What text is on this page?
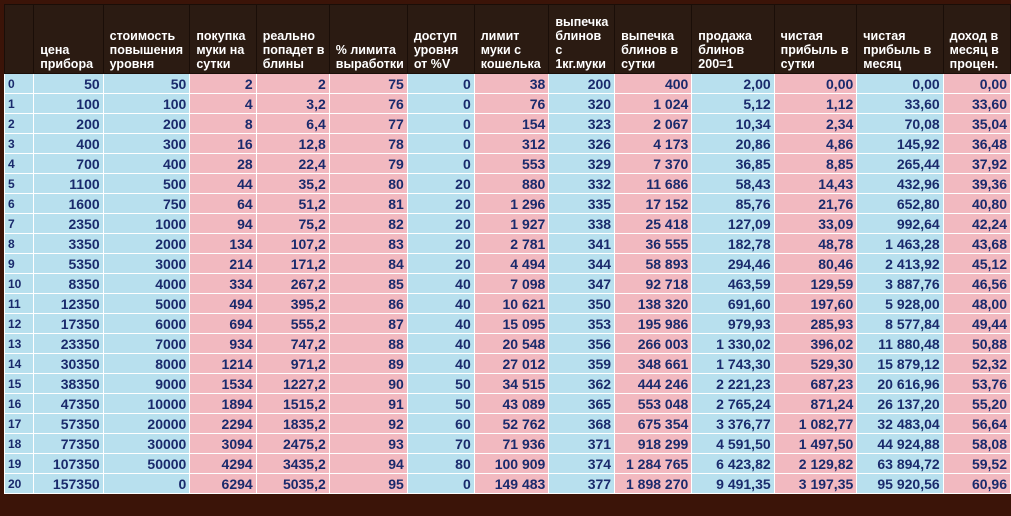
	цена прибора	стоимость повышения уровня	покупка муки на сутки	реально попадет в блины	% лимита выработки	доступ уровня от %V	лимит муки с кошелька	выпечка блинов с 1кг.муки	выпечка блинов в сутки	продажа блинов 200=1	чистая прибыль в сутки	чистая прибыль в месяц	доход в месяц в процен.
0	50	50	2	2	75	0	38	200	400	2,00	0,00	0,00	0,00
1	100	100	4	3,2	76	0	76	320	1 024	5,12	1,12	33,60	33,60
2	200	200	8	6,4	77	0	154	323	2 067	10,34	2,34	70,08	35,04
3	400	300	16	12,8	78	0	312	326	4 173	20,86	4,86	145,92	36,48
4	700	400	28	22,4	79	0	553	329	7 370	36,85	8,85	265,44	37,92
5	1100	500	44	35,2	80	20	880	332	11 686	58,43	14,43	432,96	39,36
6	1600	750	64	51,2	81	20	1 296	335	17 152	85,76	21,76	652,80	40,80
7	2350	1000	94	75,2	82	20	1 927	338	25 418	127,09	33,09	992,64	42,24
8	3350	2000	134	107,2	83	20	2 781	341	36 555	182,78	48,78	1 463,28	43,68
9	5350	3000	214	171,2	84	20	4 494	344	58 893	294,46	80,46	2 413,92	45,12
10	8350	4000	334	267,2	85	40	7 098	347	92 718	463,59	129,59	3 887,76	46,56
11	12350	5000	494	395,2	86	40	10 621	350	138 320	691,60	197,60	5 928,00	48,00
12	17350	6000	694	555,2	87	40	15 095	353	195 986	979,93	285,93	8 577,84	49,44
13	23350	7000	934	747,2	88	40	20 548	356	266 003	1 330,02	396,02	11 880,48	50,88
14	30350	8000	1214	971,2	89	40	27 012	359	348 661	1 743,30	529,30	15 879,12	52,32
15	38350	9000	1534	1227,2	90	50	34 515	362	444 246	2 221,23	687,23	20 616,96	53,76
16	47350	10000	1894	1515,2	91	50	43 089	365	553 048	2 765,24	871,24	26 137,20	55,20
17	57350	20000	2294	1835,2	92	60	52 762	368	675 354	3 376,77	1 082,77	32 483,04	56,64
18	77350	30000	3094	2475,2	93	70	71 936	371	918 299	4 591,50	1 497,50	44 924,88	58,08
19	107350	50000	4294	3435,2	94	80	100 909	374	1 284 765	6 423,82	2 129,82	63 894,72	59,52
20	157350	0	6294	5035,2	95	0	149 483	377	1 898 270	9 491,35	3 197,35	95 920,56	60,96
